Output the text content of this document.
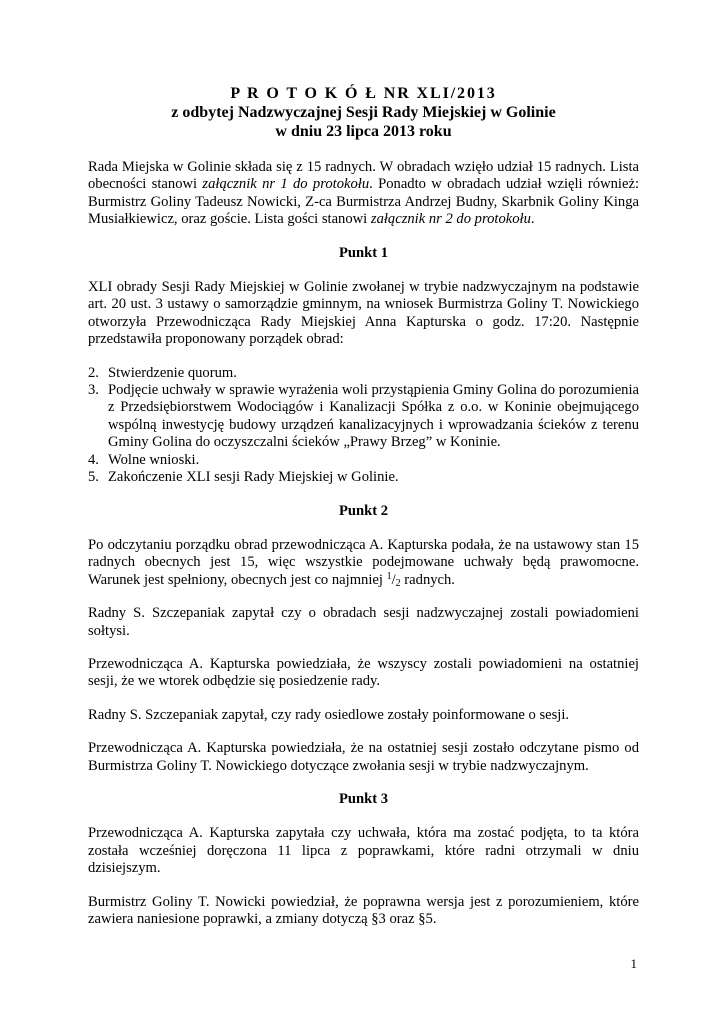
P R O T O K Ó Ł NR XLI/2013

z odbytej Nadzwyczajnej Sesji Rady Miejskiej w Golinie

w dniu 23 lipca 2013 roku

Rada Miejska w Golinie składa się z 15 radnych. W obradach wzięło udział 15 radnych. Lista obecności stanowi załącznik nr 1 do protokołu. Ponadto w obradach udział wzięli również: Burmistrz Goliny Tadeusz Nowicki, Z-ca Burmistrza Andrzej Budny, Skarbnik Goliny Kinga Musiałkiewicz, oraz goście. Lista gości stanowi załącznik nr 2 do protokołu.

Punkt 1

XLI obrady Sesji Rady Miejskiej w Golinie zwołanej w trybie nadzwyczajnym na podstawie art. 20 ust. 3 ustawy o samorządzie gminnym, na wniosek Burmistrza Goliny T. Nowickiego otworzyła Przewodnicząca Rady Miejskiej Anna Kapturska o godz. 17:20. Następnie przedstawiła proponowany porządek obrad:

2. Stwierdzenie quorum.
3. Podjęcie uchwały w sprawie wyrażenia woli przystąpienia Gminy Golina do porozumienia z Przedsiębiorstwem Wodociągów i Kanalizacji Spółka z o.o. w Koninie obejmującego wspólną inwestycję budowy urządzeń kanalizacyjnych i wprowadzania ścieków z terenu Gminy Golina do oczyszczalni ścieków „Prawy Brzeg” w Koninie.
4. Wolne wnioski.
5. Zakończenie XLI sesji Rady Miejskiej w Golinie.

Punkt 2

Po odczytaniu porządku obrad przewodnicząca A. Kapturska podała, że na ustawowy stan 15 radnych obecnych jest 15, więc wszystkie podejmowane uchwały będą prawomocne. Warunek jest spełniony, obecnych jest co najmniej $^1/_2$ radnych.

Radny S. Szczepaniak zapytał czy o obradach sesji nadzwyczajnej zostali powiadomieni sołtysi.

Przewodnicząca A. Kapturska powiedziała, że wszyscy zostali powiadomieni na ostatniej sesji, że we wtorek odbędzie się posiedzenie rady.

Radny S. Szczepaniak zapytał, czy rady osiedlowe zostały poinformowane o sesji.

Przewodnicząca A. Kapturska powiedziała, że na ostatniej sesji zostało odczytane pismo od Burmistrza Goliny T. Nowickiego dotyczące zwołania sesji w trybie nadzwyczajnym.

Punkt 3

Przewodnicząca A. Kapturska zapytała czy uchwała, która ma zostać podjęta, to ta która została wcześniej doręczona 11 lipca z poprawkami, które radni otrzymali w dniu dzisiejszym.

Burmistrz Goliny T. Nowicki powiedział, że poprawna wersja jest z porozumieniem, które zawiera naniesione poprawki, a zmiany dotyczą §3 oraz §5.

1
